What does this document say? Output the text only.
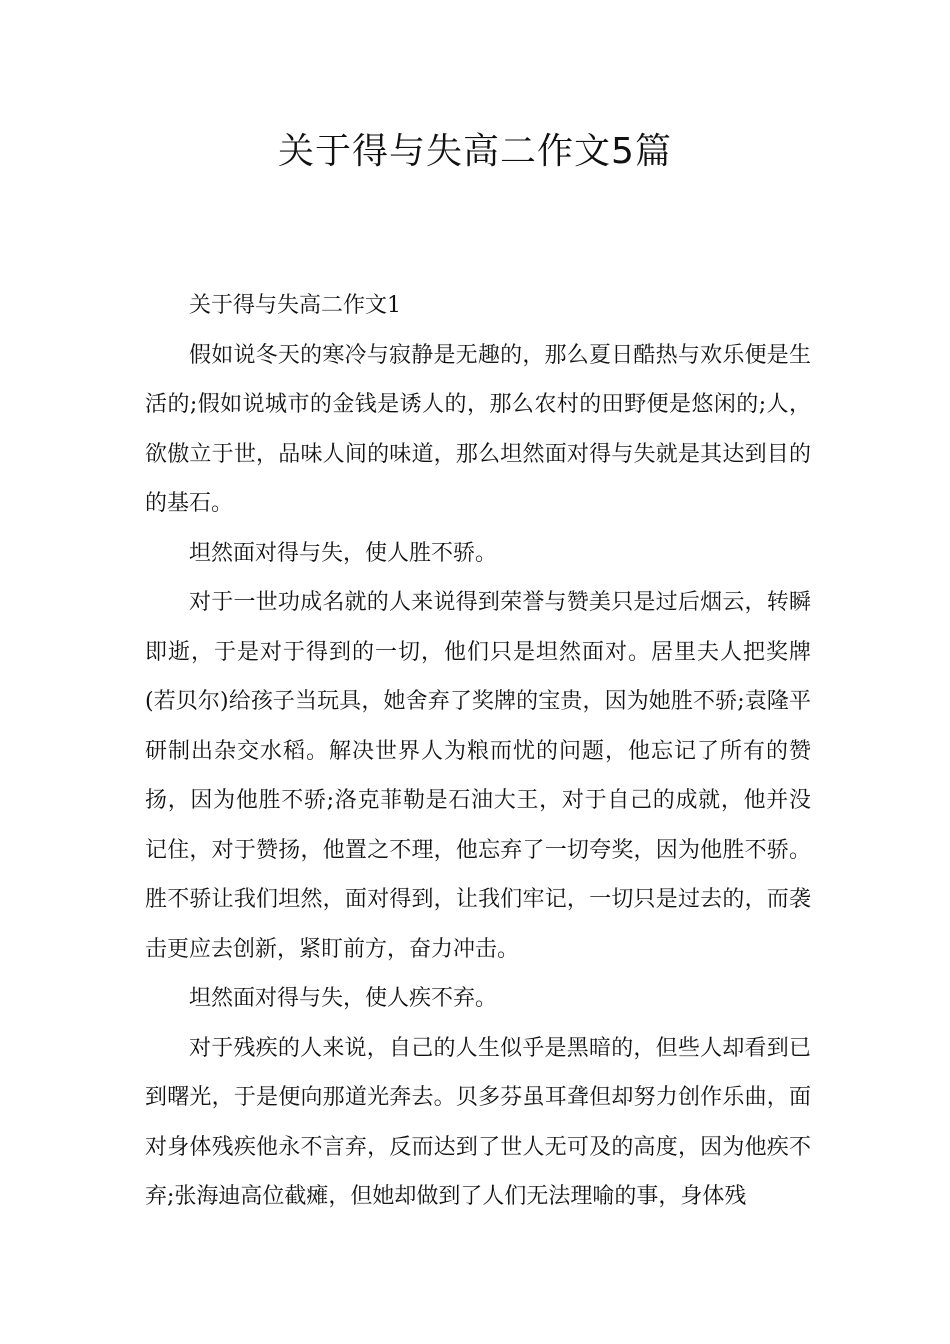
关于得与失高二作文5篇

关于得与失高二作文1

假如说冬天的寒冷与寂静是无趣的，那么夏日酷热与欢乐便是生活的;假如说城市的金钱是诱人的，那么农村的田野便是悠闲的;人，欲傲立于世，品味人间的味道，那么坦然面对得与失就是其达到目的的基石。

坦然面对得与失，使人胜不骄。

对于一世功成名就的人来说得到荣誉与赞美只是过后烟云，转瞬即逝，于是对于得到的一切，他们只是坦然面对。居里夫人把奖牌(若贝尔)给孩子当玩具，她舍弃了奖牌的宝贵，因为她胜不骄;袁隆平研制出杂交水稻。解决世界人为粮而忧的问题，他忘记了所有的赞扬，因为他胜不骄;洛克菲勒是石油大王，对于自己的成就，他并没记住，对于赞扬，他置之不理，他忘弃了一切夸奖，因为他胜不骄。胜不骄让我们坦然，面对得到，让我们牢记，一切只是过去的，而袭击更应去创新，紧盯前方，奋力冲击。

坦然面对得与失，使人疾不弃。

对于残疾的人来说，自己的人生似乎是黑暗的，但些人却看到已到曙光，于是便向那道光奔去。贝多芬虽耳聋但却努力创作乐曲，面对身体残疾他永不言弃，反而达到了世人无可及的高度，因为他疾不弃;张海迪高位截瘫，但她却做到了人们无法理喻的事，身体残
